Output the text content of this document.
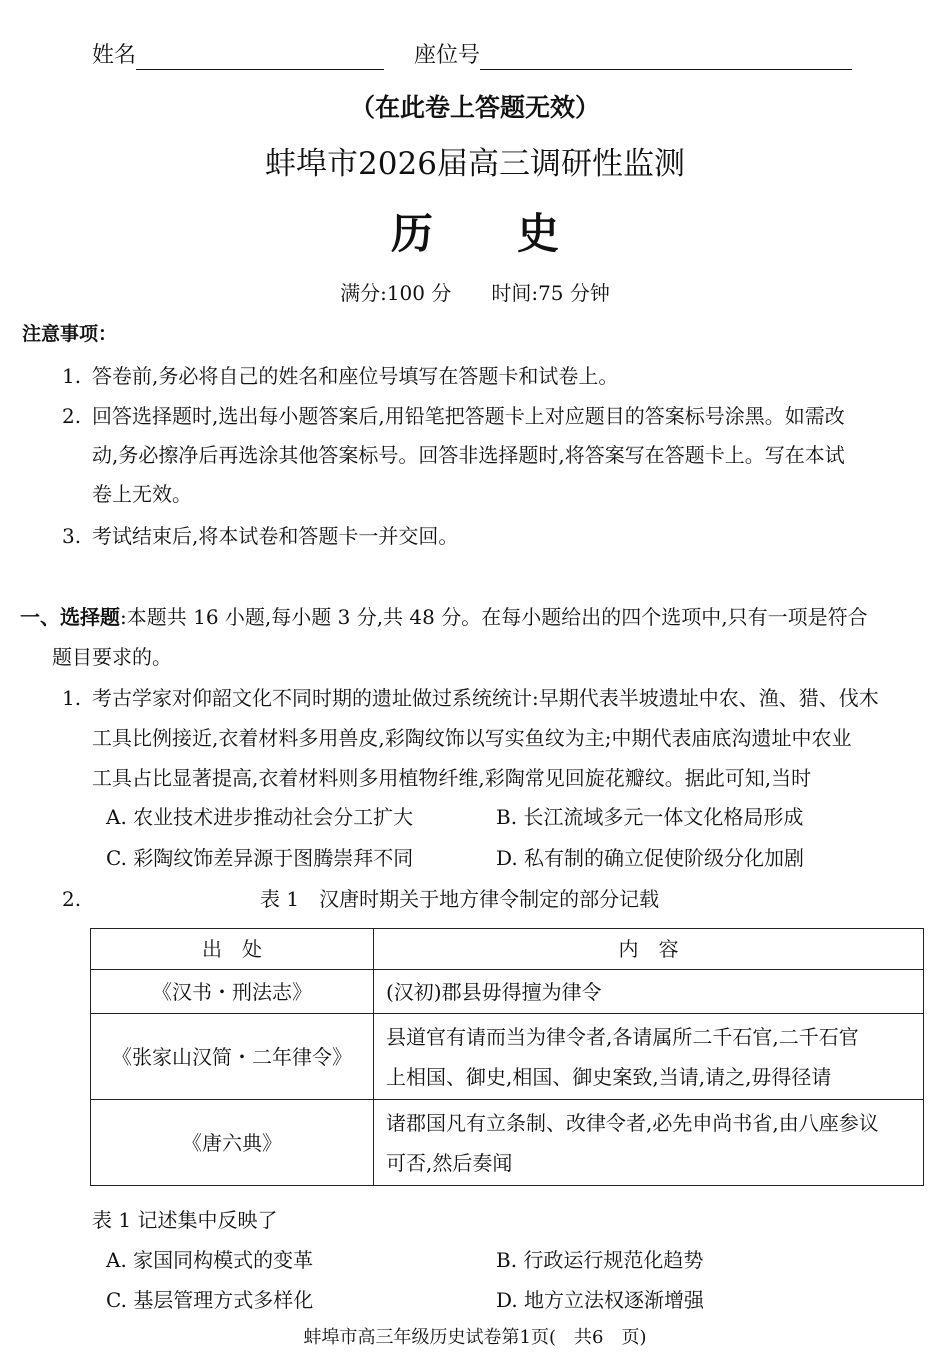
姓名	座位号
（在此卷上答题无效）
蚌埠市2026届高三调研性监测
历　　史
满分:100 分　　时间:75 分钟
注意事项：
1. 答卷前,务必将自己的姓名和座位号填写在答题卡和试卷上。
2. 回答选择题时,选出每小题答案后,用铅笔把答题卡上对应题目的答案标号涂黑。如需改
动,务必擦净后再选涂其他答案标号。回答非选择题时,将答案写在答题卡上。写在本试
卷上无效。
3. 考试结束后,将本试卷和答题卡一并交回。
一、选择题:本题共 16 小题,每小题 3 分,共 48 分。在每小题给出的四个选项中,只有一项是符合
题目要求的。
1. 考古学家对仰韶文化不同时期的遗址做过系统统计:早期代表半坡遗址中农、渔、猎、伐木
工具比例接近,衣着材料多用兽皮,彩陶纹饰以写实鱼纹为主;中期代表庙底沟遗址中农业
工具占比显著提高,衣着材料则多用植物纤维,彩陶常见回旋花瓣纹。据此可知,当时
A. 农业技术进步推动社会分工扩大	B. 长江流域多元一体文化格局形成
C. 彩陶纹饰差异源于图腾崇拜不同	D. 私有制的确立促使阶级分化加剧
2.	表 1　汉唐时期关于地方律令制定的部分记载
出　处	内　容
《汉书・刑法志》	(汉初)郡县毋得擅为律令

《张家山汉简・二年律令》	县道官有请而当为律令者,各请属所二千石官,二千石官
上相国、御史,相国、御史案致,当请,请之,毋得径请

《唐六典》	诸郡国凡有立条制、改律令者,必先申尚书省,由八座参议
可否,然后奏闻
表 1 记述集中反映了
A. 家国同构模式的变革	B. 行政运行规范化趋势
C. 基层管理方式多样化	D. 地方立法权逐渐增强
蚌埠市高三年级历史试卷第1页(　共6　页)
